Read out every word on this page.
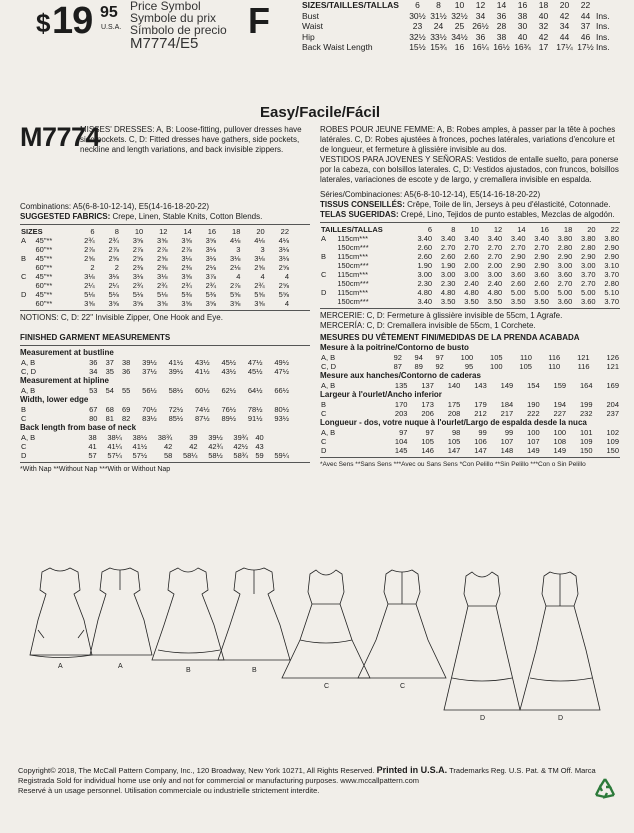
$ 19 95
U.S.A.
Price Symbol
Symbole du prix
Símbolo de precio
M7774/E5
F	SIZES/TAILLES/TALLAS	6	8	10	12	14	16	18	20	22	
Bust	30½	31½	32½	34	36	38	40	42	44	Ins.
Waist	23	24	25	26½	28	30	32	34	37	Ins.
Hip	32½	33½	34½	36	38	40	42	44	46	Ins.
Back Waist Length	15½	15¾	16	16¼	16½	16¾	17	17¼	17½	Ins.
Easy/Facile/Fácil
M7774
MISSES' DRESSES: A, B: Loose-fitting, pullover dresses have side pockets. C, D: Fitted dresses have gathers, side pockets, neckline and length variations, and back invisible zippers.
Combinations: A5(6-8-10-12-14), E5(14-16-18-20-22)
SUGGESTED FABRICS: Crepe, Linen, Stable Knits, Cotton Blends.
SIZES		6	8	10	12	14	16	18	20	22
A	45"**	2¾	2¾	3⅝	3⅝	3⅝	3⅝	4⅛	4⅛	4⅛
	60"**	2⅞	2⅞	2⅞	2⅞	2⅞	3⅛	3	3	3⅛
B	45"**	2⅝	2⅝	2⅝	2⅝	3⅛	3⅛	3⅛	3⅛	3⅛
	60"**	2	2	2⅜	2⅜	2⅜	2⅛	2⅛	2⅝	2⅝
C	45"**	3⅛	3⅛	3⅛	3⅛	3⅝	3⅞	4	4	4
	60"**	2¼	2¼	2¾	2¾	2¾	2¾	2⅞	2¾	2⅝
D	45"**	5⅛	5⅛	5⅛	5⅛	5⅜	5⅜	5⅝	5⅝	5⅝
	60"**	3⅝	3⅝	3⅝	3⅝	3⅝	3⅝	3⅝	3⅝	4
NOTIONS: C, D: 22" Invisible Zipper, One Hook and Eye.
FINISHED GARMENT MEASUREMENTS
Measurement at bustline
A, B	36	37	38	39½	41½	43½	45½	47½	49½
C, D	34	35	36	37½	39½	41½	43½	45½	47½
Measurement at hipline
A, B	53	54	55	56½	58½	60½	62½	64½	66½
Width, lower edge
B	67	68	69	70½	72½	74½	76½	78½	80½
C	80	81	82	83½	85½	87½	89½	91½	93½
Back length from base of neck
A, B	38	38¼	38½	38¾	39	39½	39¾	40	
C	41	41¼	41½	42	42	42¾	42½	43	
D	57	57¼	57½	58	58¼	58½	58¾	59	59¼
*With Nap **Without Nap ***With or Without Nap
ROBES POUR JEUNE FEMME: A, B: Robes amples, à passer par la tête à poches latérales. C, D: Robes ajustées à fronces, poches latérales, variations d'encolure et de longueur, et fermeture à glissière invisible au dos.
VESTIDOS PARA JOVENES Y SEÑORAS: Vestidos de entalle suelto, para ponerse por la cabeza, con bolsillos laterales. C, D: Vestidos ajustados, con fruncos, bolsillos laterales, variaciones de escote y de largo, y cremallera invisible en espalda.
Séries/Combinaciones: A5(6-8-10-12-14), E5(14-16-18-20-22)
TISSUS CONSEILLÉS: Crêpe, Toile de lin, Jerseys à peu d'élasticité, Cotonnade.
TELAS SUGERIDAS: Crepé, Lino, Tejidos de punto estables, Mezclas de algodón.
TAILLES/TALLAS		6	8	10	12	14	16	18	20	22
A	115cm***	3.40	3.40	3.40	3.40	3.40	3.40	3.80	3.80	3.80
	150cm***	2.60	2.70	2.70	2.70	2.70	2.70	2.80	2.80	2.90
B	115cm***	2.60	2.60	2.60	2.70	2.90	2.90	2.90	2.90	2.90
	150cm***	1.90	1.90	2.00	2.00	2.90	2.90	3.00	3.00	3.10
C	115cm***	3.00	3.00	3.00	3.00	3.60	3.60	3.60	3.70	3.70
	150cm***	2.30	2.30	2.40	2.40	2.60	2.60	2.70	2.70	2.80
D	115cm***	4.80	4.80	4.80	4.80	5.00	5.00	5.00	5.00	5.10
	150cm***	3.40	3.50	3.50	3.50	3.50	3.50	3.60	3.60	3.70
MERCERIE: C, D: Fermeture à glissière invisible de 55cm, 1 Agrafe.
MERCERÍA: C, D: Cremallera invisible de 55cm, 1 Corchete.
MESURES DU VÊTEMENT FINI/MEDIDAS DE LA PRENDA ACABADA
Mesure à la poitrine/Contorno de busto
A, B	92	94	97	100	105	110	116	121	126
C, D	87	89	92	95	100	105	110	116	121
Mesure aux hanches/Contorno de caderas
A, B	135	137	140	143	149	154	159	164	169
Largeur à l'ourlet/Ancho inferior
B	170	173	175	179	184	190	194	199	204
C	203	206	208	212	217	222	227	232	237
Longueur - dos, votre nuque à l'ourlet/Largo de espalda desde la nuca
A, B	97	97	98	99	99	100	100	101	102
C	104	105	105	106	107	107	108	109	109
D	145	146	147	147	148	149	149	150	150
*Avec Sens **Sans Sens ***Avec ou Sans Sens *Con Pelillo **Sin Pelillo ***Con o Sin Pelillo
A	A
B	B
C	C
D	D
Copyright© 2018, The McCall Pattern Company, Inc., 120 Broadway, New York 10271, All Rights Reserved. Printed in U.S.A. Trademarks Reg. U.S. Pat. & TM Off. Marca
Registrada Sold for individual home use only and not for commercial or manufacturing purposes. www.mccallpattern.com
Reservé à un usage personnel. Utilisation commerciale ou industrielle strictement interdite.
